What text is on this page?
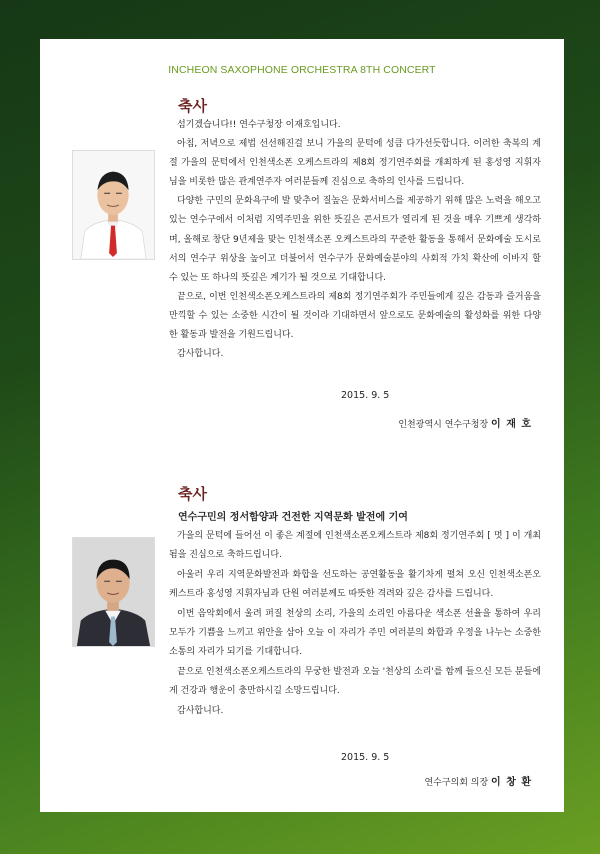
INCHEON SAXOPHONE ORCHESTRA 8TH CONCERT
축사

섬기겠습니다!! 연수구청장 이재호입니다.

아침, 저녁으로 제법 선선해진걸 보니 가을의 문턱에 성큼 다가선듯합니다. 이러한 축복의 계절 가을의 문턱에서 인천색소폰 오케스트라의 제8회 정기연주회를 개최하게 된 홍성영 지휘자님을 비롯한 많은 관계연주자 여러분들께 진심으로 축하의 인사를 드립니다.

다양한 구민의 문화욕구에 발 맞추어 질높은 문화서비스를 제공하기 위해 많은 노력을 해오고 있는 연수구에서 이처럼 지역주민을 위한 뜻깊은 콘서트가 열리게 된 것을 매우 기쁘게 생각하며, 올해로 창단 9년제을 맞는 인천색소폰 오케스트라의 꾸준한 활동을 통해서 문화예술 도시로서의 연수구 위상을 높이고 더불어서 연수구가 문화예술분야의 사회적 가치 확산에 이바지 할 수 있는 또 하나의 뜻깊은 계기가 될 것으로 기대합니다.

끝으로, 이번 인천색소폰오케스트라의 제8회 정기연주회가 주민들에게 깊은 감동과 즐거움을 만끽할 수 있는 소중한 시간이 될 것이라 기대하면서 앞으로도 문화예술의 활성화를 위한 다양한 활동과 발전을 기원드립니다.

감사합니다.

2015. 9. 5
인천광역시 연수구청장 이 재 호
축사
연수구민의 정서함양과 건전한 지역문화 발전에 기여

가을의 문턱에 들어선 이 좋은 계절에 인천색소폰오케스트라 제8회 정기연주회 [ 멋 ] 이 개최됨을 진심으로 축하드립니다.

아울러 우리 지역문화발전과 화합을 선도하는 공연활동을 활기차게 펼쳐 오신 인천색소폰오케스트라 홍성영 지휘자님과 단원 여러분께도 따뜻한 격려와 깊은 감사를 드립니다.

이번 음악회에서 울려 퍼질 천상의 소리, 가을의 소리인 아름다운 색소폰 선율을 통하여 우리 모두가 기쁨을 느끼고 위안을 삼아 오늘 이 자리가 주민 여러분의 화합과 우정을 나누는 소중한 소통의 자리가 되기를 기대합니다.

끝으로 인천색소폰오케스트라의 무궁한 발전과 오늘 '천상의 소리'를 함께 들으신 모든 분들에게 건강과 행운이 충만하시길 소망드립니다.

감사합니다.

2015. 9. 5
연수구의회 의장 이 창 환
